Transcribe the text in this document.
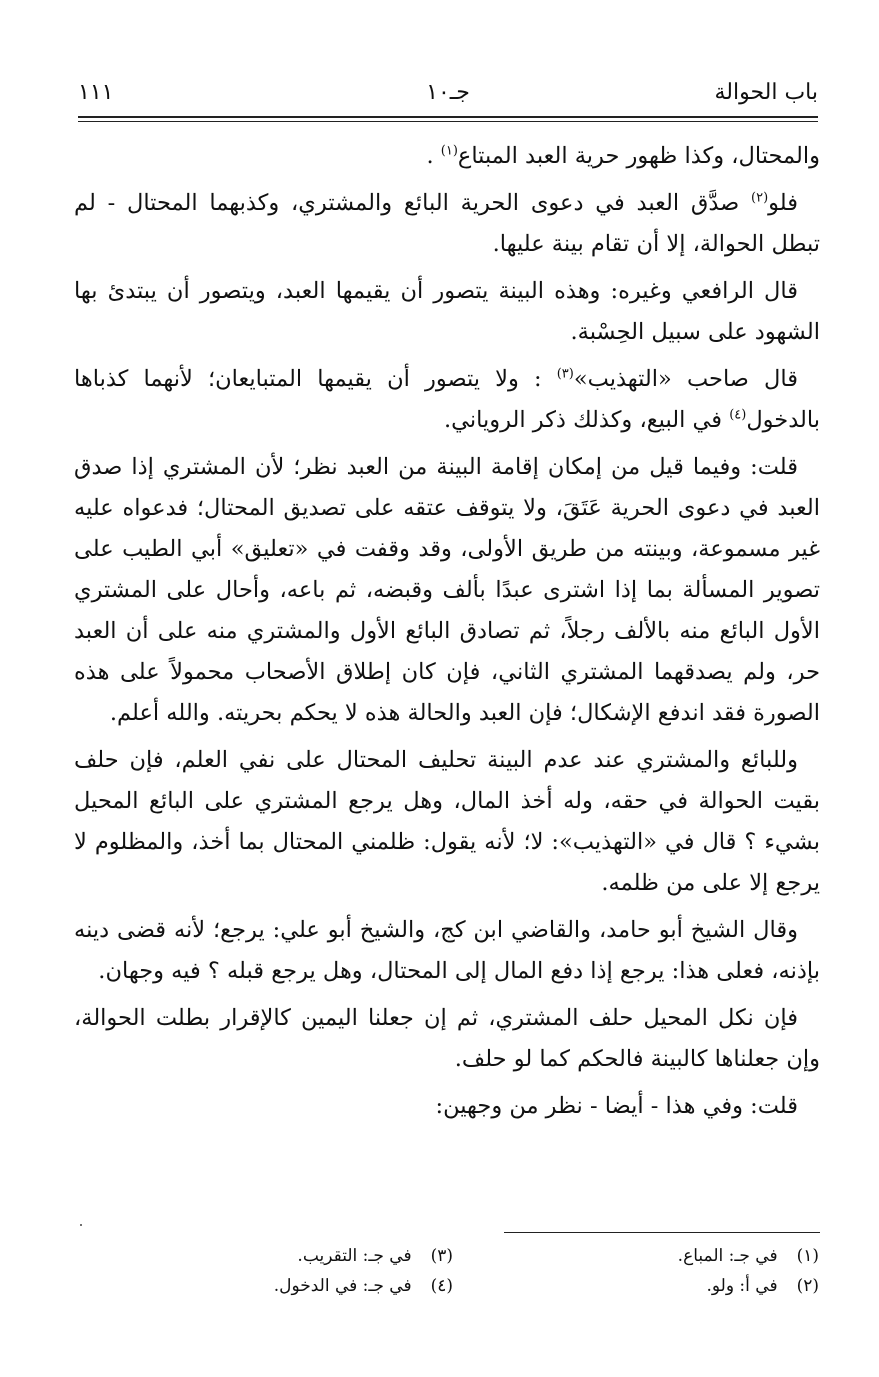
باب الحوالة
جـ١٠
١١١

والمحتال، وكذا ظهور حرية العبد المبتاع$^{(١)}$ .

فلو$^{(٢)}$ صدَّق العبد في دعوى الحرية البائع والمشتري، وكذبهما المحتال - لم تبطل الحوالة، إلا أن تقام بينة عليها.

قال الرافعي وغيره: وهذه البينة يتصور أن يقيمها العبد، ويتصور أن يبتدئ بها الشهود على سبيل الحِسْبة.

قال صاحب «التهذيب»$^{(٣)}$ : ولا يتصور أن يقيمها المتبايعان؛ لأنهما كذباها بالدخول$^{(٤)}$ في البيع، وكذلك ذكر الروياني.

قلت: وفيما قيل من إمكان إقامة البينة من العبد نظر؛ لأن المشتري إذا صدق العبد في دعوى الحرية عَتَقَ، ولا يتوقف عتقه على تصديق المحتال؛ فدعواه عليه غير مسموعة، وبينته من طريق الأولى، وقد وقفت في «تعليق» أبي الطيب على تصوير المسألة بما إذا اشترى عبدًا بألف وقبضه، ثم باعه، وأحال على المشتري الأول البائع منه بالألف رجلاً، ثم تصادق البائع الأول والمشتري منه على أن العبد حر، ولم يصدقهما المشتري الثاني، فإن كان إطلاق الأصحاب محمولاً على هذه الصورة فقد اندفع الإشكال؛ فإن العبد والحالة هذه لا يحكم بحريته. والله أعلم.

وللبائع والمشتري عند عدم البينة تحليف المحتال على نفي العلم، فإن حلف بقيت الحوالة في حقه، وله أخذ المال، وهل يرجع المشتري على البائع المحيل بشيء ؟ قال في «التهذيب»: لا؛ لأنه يقول: ظلمني المحتال بما أخذ، والمظلوم لا يرجع إلا على من ظلمه.

وقال الشيخ أبو حامد، والقاضي ابن كج، والشيخ أبو علي: يرجع؛ لأنه قضى دينه بإذنه، فعلى هذا: يرجع إذا دفع المال إلى المحتال، وهل يرجع قبله ؟ فيه وجهان.

فإن نكل المحيل حلف المشتري، ثم إن جعلنا اليمين كالإقرار بطلت الحوالة، وإن جعلناها كالبينة فالحكم كما لو حلف.

قلت: وفي هذا - أيضا - نظر من وجهين:

(١) في جـ: المباع.
(٣) في جـ: التقريب.
(٢) في أ: ولو.
(٤) في جـ: في الدخول.
